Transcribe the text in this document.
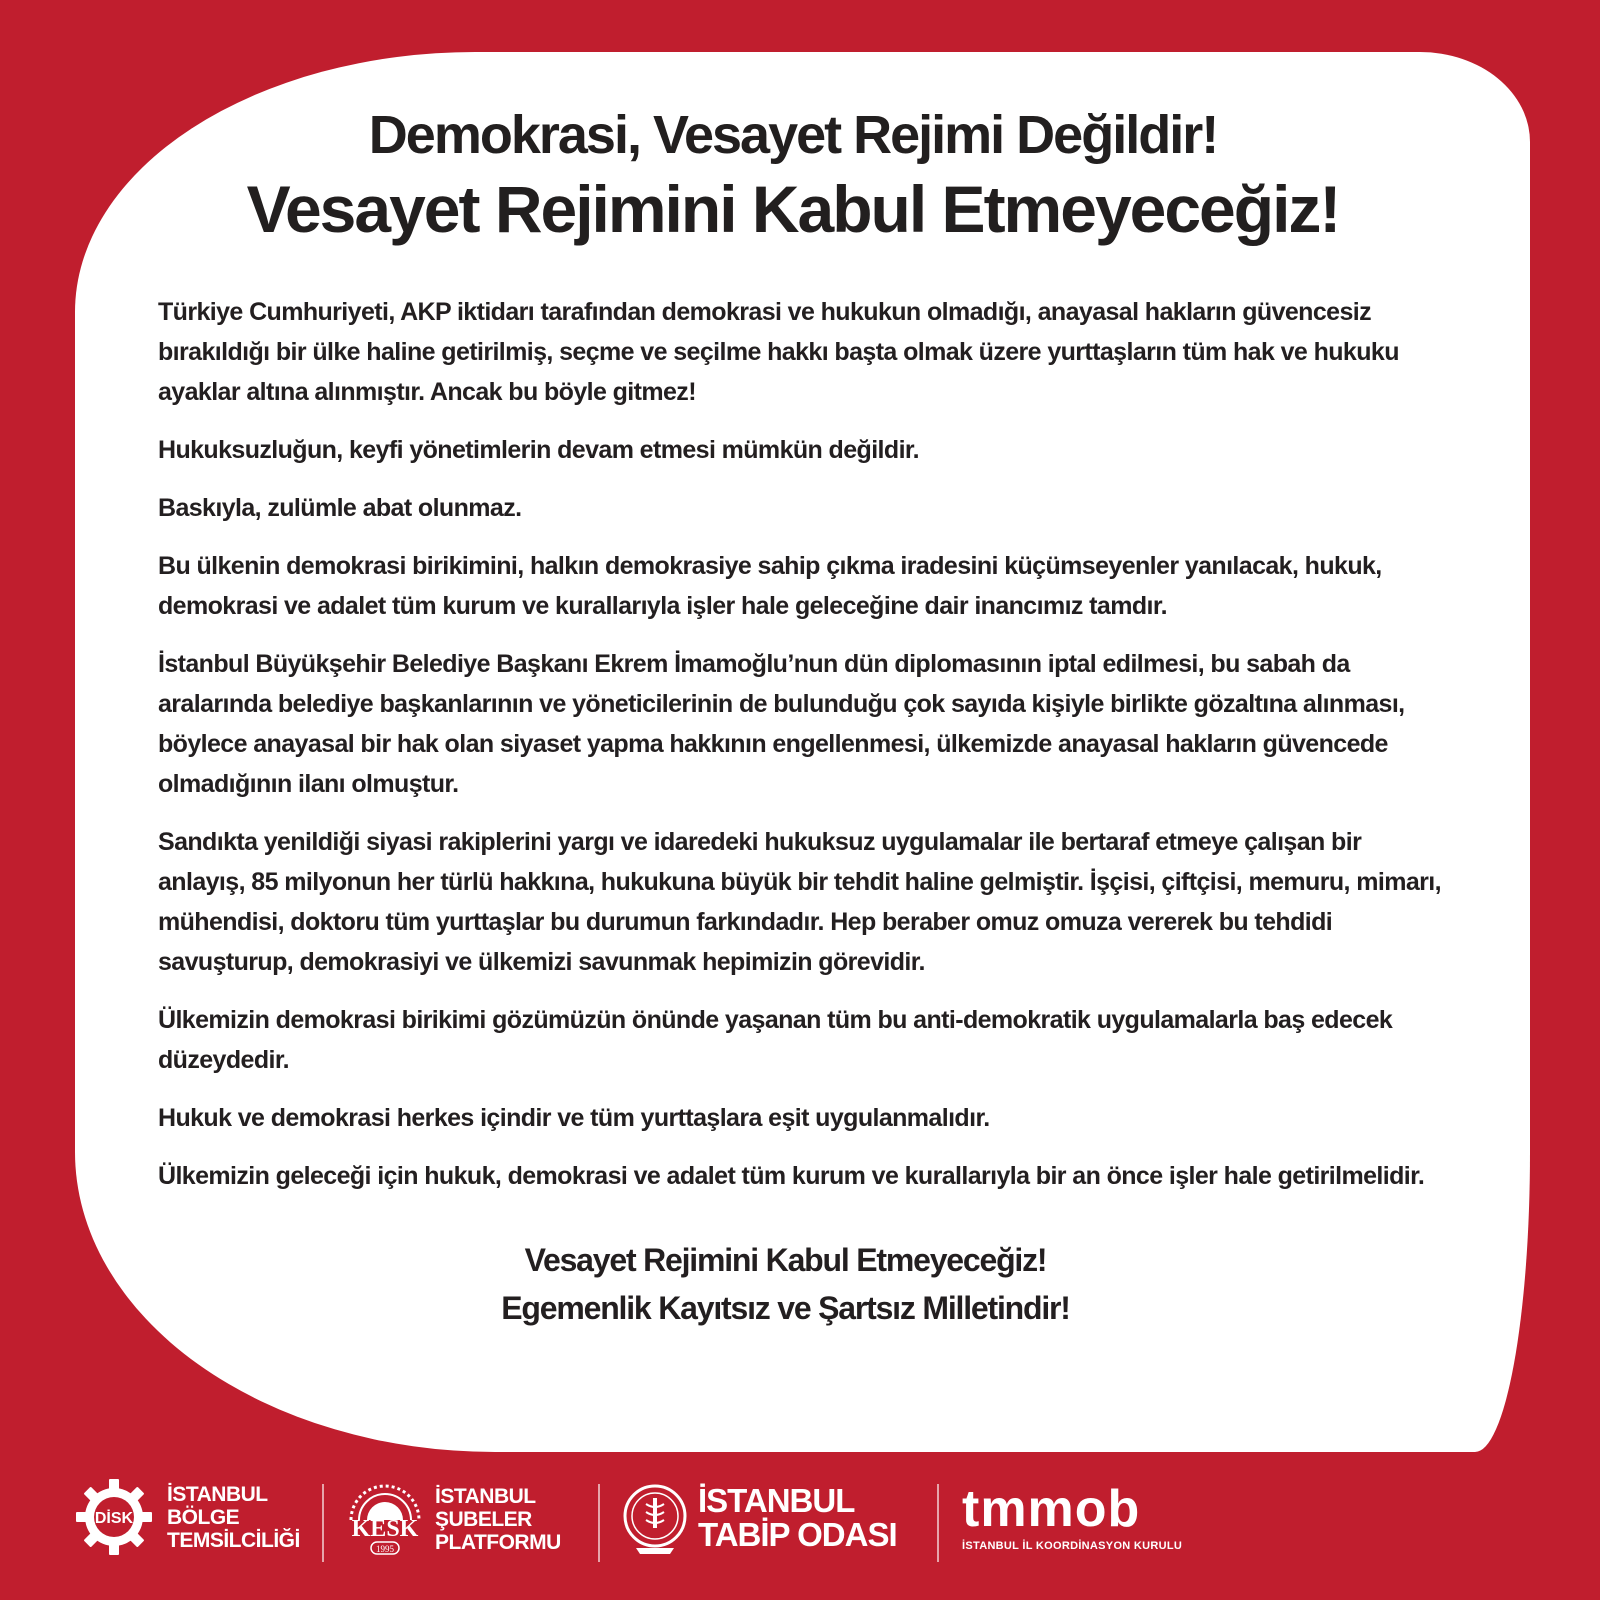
Demokrasi, Vesayet Rejimi Değildir!
Vesayet Rejimini Kabul Etmeyeceğiz!

Türkiye Cumhuriyeti, AKP iktidarı tarafından demokrasi ve hukukun olmadığı, anayasal hakların güvencesiz bırakıldığı bir ülke haline getirilmiş, seçme ve seçilme hakkı başta olmak üzere yurttaşların tüm hak ve hukuku ayaklar altına alınmıştır. Ancak bu böyle gitmez!

Hukuksuzluğun, keyfi yönetimlerin devam etmesi mümkün değildir.

Baskıyla, zulümle abat olunmaz.

Bu ülkenin demokrasi birikimini, halkın demokrasiye sahip çıkma iradesini küçümseyenler yanılacak, hukuk, demokrasi ve adalet tüm kurum ve kurallarıyla işler hale geleceğine dair inancımız tamdır.

İstanbul Büyükşehir Belediye Başkanı Ekrem İmamoğlu’nun dün diplomasının iptal edilmesi, bu sabah da aralarında belediye başkanlarının ve yöneticilerinin de bulunduğu çok sayıda kişiyle birlikte gözaltına alınması, böylece anayasal bir hak olan siyaset yapma hakkının engellenmesi, ülkemizde anayasal hakların güvencede olmadığının ilanı olmuştur.

Sandıkta yenildiği siyasi rakiplerini yargı ve idaredeki hukuksuz uygulamalar ile bertaraf etmeye çalışan bir anlayış, 85 milyonun her türlü hakkına, hukukuna büyük bir tehdit haline gelmiştir. İşçisi, çiftçisi, memuru, mimarı, mühendisi, doktoru tüm yurttaşlar bu durumun farkındadır. Hep beraber omuz omuza vererek bu tehdidi savuşturup, demokrasiyi ve ülkemizi savunmak hepimizin görevidir.

Ülkemizin demokrasi birikimi gözümüzün önünde yaşanan tüm bu anti-demokratik uygulamalarla baş edecek düzeydedir.

Hukuk ve demokrasi herkes içindir ve tüm yurttaşlara eşit uygulanmalıdır.

Ülkemizin geleceği için hukuk, demokrasi ve adalet tüm kurum ve kurallarıyla bir an önce işler hale getirilmelidir.

Vesayet Rejimini Kabul Etmeyeceğiz!
Egemenlik Kayıtsız ve Şartsız Milletindir!
DİSK
İSTANBUL
BÖLGE
TEMSİLCİLİĞİ KESK
1995
İSTANBUL
ŞUBELER
PLATFORMU
İSTANBUL
TABİP ODASI tmmob
İSTANBUL İL KOORDİNASYON KURULU
